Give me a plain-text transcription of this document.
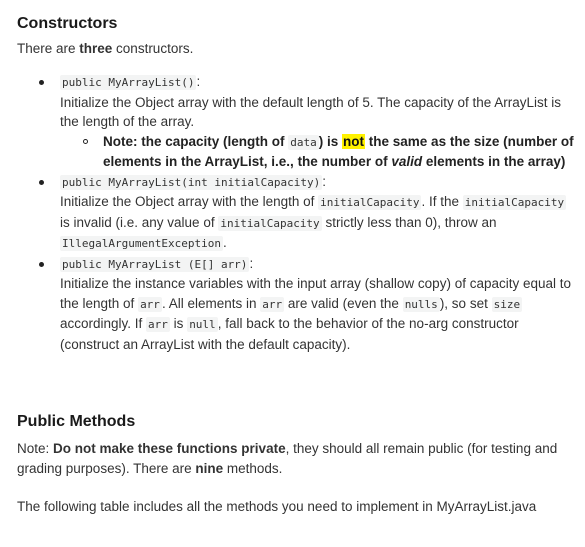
Constructors
There are three constructors.
public MyArrayList() :
Initialize the Object array with the default length of 5. The capacity of the ArrayList is the length of the array.
Note: the capacity (length of data ) is not the same as the size (number of elements in the ArrayList, i.e., the number of valid elements in the array)
public MyArrayList(int initialCapacity) :
Initialize the Object array with the length of initialCapacity . If the initialCapacity is invalid (i.e. any value of initialCapacity strictly less than 0), throw an IllegalArgumentException .
public MyArrayList (E[] arr) :
Initialize the instance variables with the input array (shallow copy) of capacity equal to the length of arr . All elements in arr are valid (even the nulls ), so set size accordingly. If arr is null , fall back to the behavior of the no-arg constructor (construct an ArrayList with the default capacity).
Public Methods
Note: Do not make these functions private, they should all remain public (for testing and grading purposes). There are nine methods.
The following table includes all the methods you need to implement in MyArrayList.java
